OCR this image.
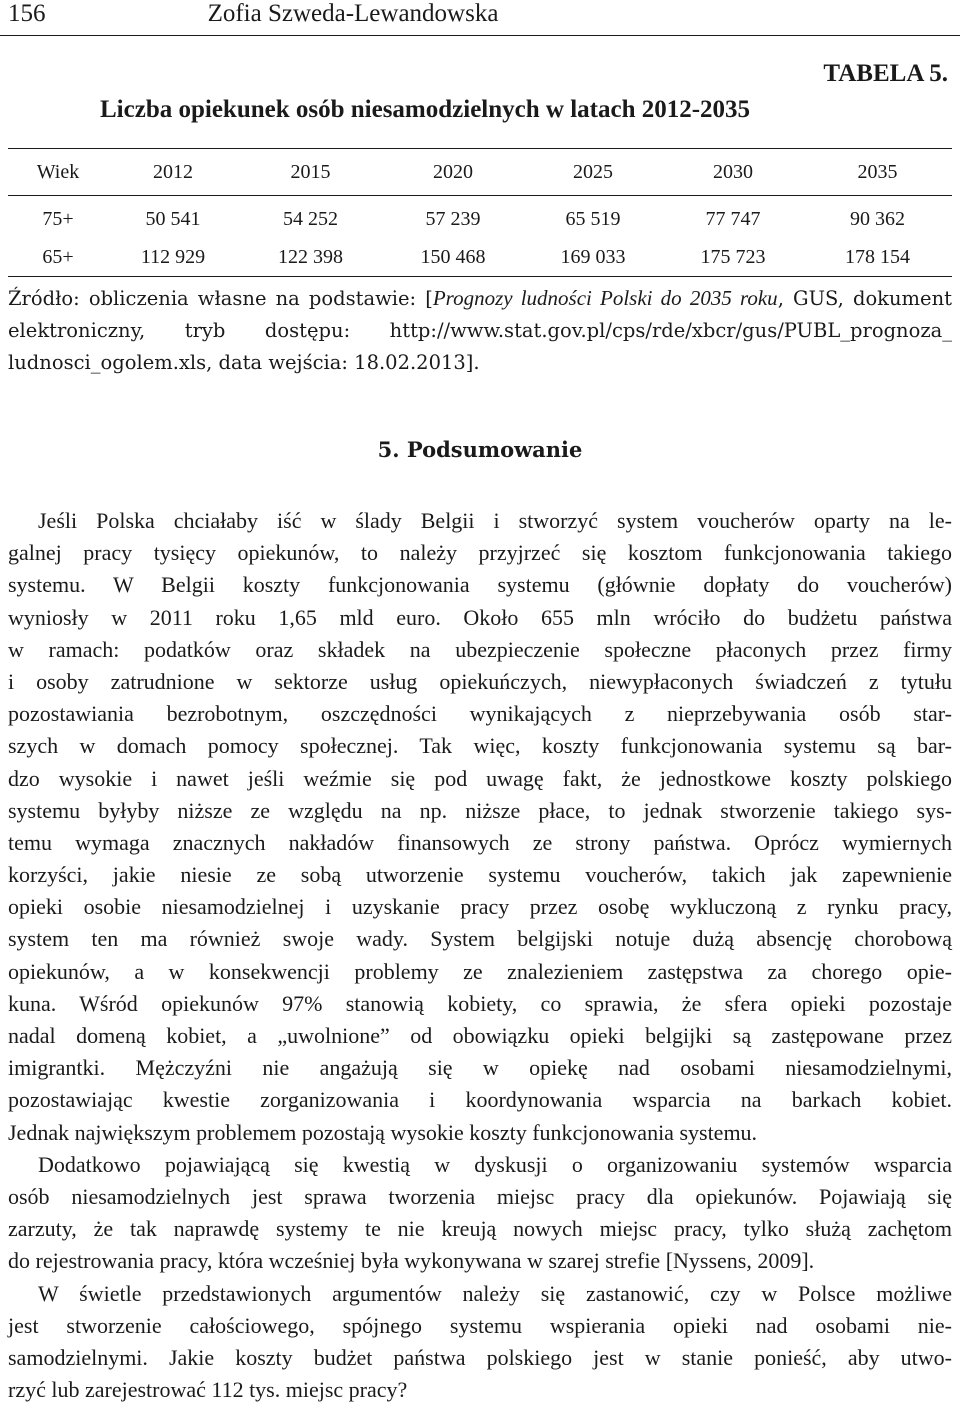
156	Zofia Szweda-Lewandowska
TABELA 5.
Liczba opiekunek osób niesamodzielnych w latach 2012-2035
Wiek	2012	2015	2020	2025	2030	2035
75+	50 541	54 252	57 239	65 519	77 747	90 362
65+	112 929	122 398	150 468	169 033	175 723	178 154
Źródło: obliczenia własne na podstawie: [Prognozy ludności Polski do 2035 roku, GUS, dokument elektroniczny, tryb dostępu: http://www.stat.gov.pl/cps/rde/xbcr/gus/PUBL_prognoza_ ludnosci_ogolem.xls, data wejścia: 18.02.2013].
5. Podsumowanie
Jeśli Polska chciałaby iść w ślady Belgii i stworzyć system voucherów oparty na le-
galnej pracy tysięcy opiekunów, to należy przyjrzeć się kosztom funkcjonowania takiego
systemu. W Belgii koszty funkcjonowania systemu (głównie dopłaty do voucherów)
wyniosły w 2011 roku 1,65 mld euro. Około 655 mln wróciło do budżetu państwa
w ramach: podatków oraz składek na ubezpieczenie społeczne płaconych przez firmy
i osoby zatrudnione w sektorze usług opiekuńczych, niewypłaconych świadczeń z tytułu
pozostawiania bezrobotnym, oszczędności wynikających z nieprzebywania osób star-
szych w domach pomocy społecznej. Tak więc, koszty funkcjonowania systemu są bar-
dzo wysokie i nawet jeśli weźmie się pod uwagę fakt, że jednostkowe koszty polskiego
systemu byłyby niższe ze względu na np. niższe płace, to jednak stworzenie takiego sys-
temu wymaga znacznych nakładów finansowych ze strony państwa. Oprócz wymiernych
korzyści, jakie niesie ze sobą utworzenie systemu voucherów, takich jak zapewnienie
opieki osobie niesamodzielnej i uzyskanie pracy przez osobę wykluczoną z rynku pracy,
system ten ma również swoje wady. System belgijski notuje dużą absencję chorobową
opiekunów, a w konsekwencji problemy ze znalezieniem zastępstwa za chorego opie-
kuna. Wśród opiekunów 97% stanowią kobiety, co sprawia, że sfera opieki pozostaje
nadal domeną kobiet, a „uwolnione” od obowiązku opieki belgijki są zastępowane przez
imigrantki. Mężczyźni nie angażują się w opiekę nad osobami niesamodzielnymi,
pozostawiając kwestie zorganizowania i koordynowania wsparcia na barkach kobiet.
Jednak największym problemem pozostają wysokie koszty funkcjonowania systemu.
Dodatkowo pojawiającą się kwestią w dyskusji o organizowaniu systemów wsparcia
osób niesamodzielnych jest sprawa tworzenia miejsc pracy dla opiekunów. Pojawiają się
zarzuty, że tak naprawdę systemy te nie kreują nowych miejsc pracy, tylko służą zachętom
do rejestrowania pracy, która wcześniej była wykonywana w szarej strefie [Nyssens, 2009].
W świetle przedstawionych argumentów należy się zastanowić, czy w Polsce możliwe
jest stworzenie całościowego, spójnego systemu wspierania opieki nad osobami nie-
samodzielnymi. Jakie koszty budżet państwa polskiego jest w stanie ponieść, aby utwo-
rzyć lub zarejestrować 112 tys. miejsc pracy?
